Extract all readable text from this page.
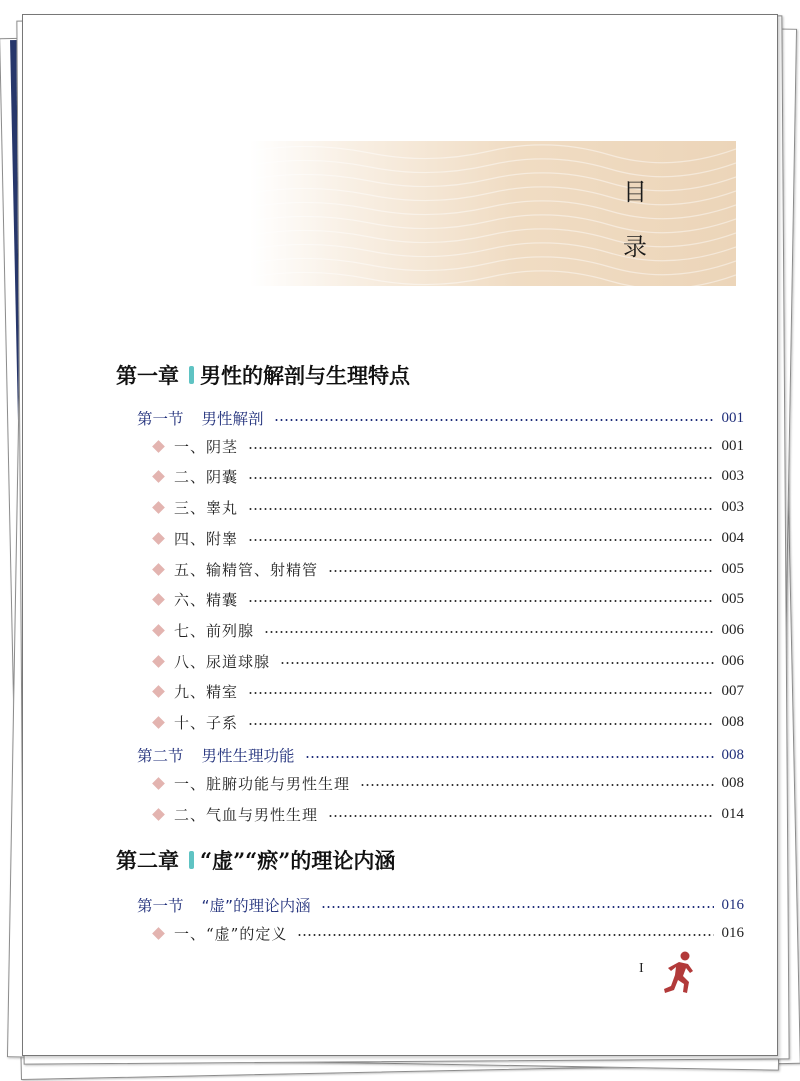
目
录
第一章 男性的解剖与生理特点
第一节 男性解剖	001
一、阴茎	001
二、阴囊	003
三、睾丸	003
四、附睾	004
五、输精管、射精管	005
六、精囊	005
七、前列腺	006
八、尿道球腺	006
九、精室	007
十、子系	008
第二节 男性生理功能	008
一、脏腑功能与男性生理	008
二、气血与男性生理	014
第二章 “虚”“瘀”的理论内涵
第一节 “虚”的理论内涵	016
一、“虚”的定义	016
I
